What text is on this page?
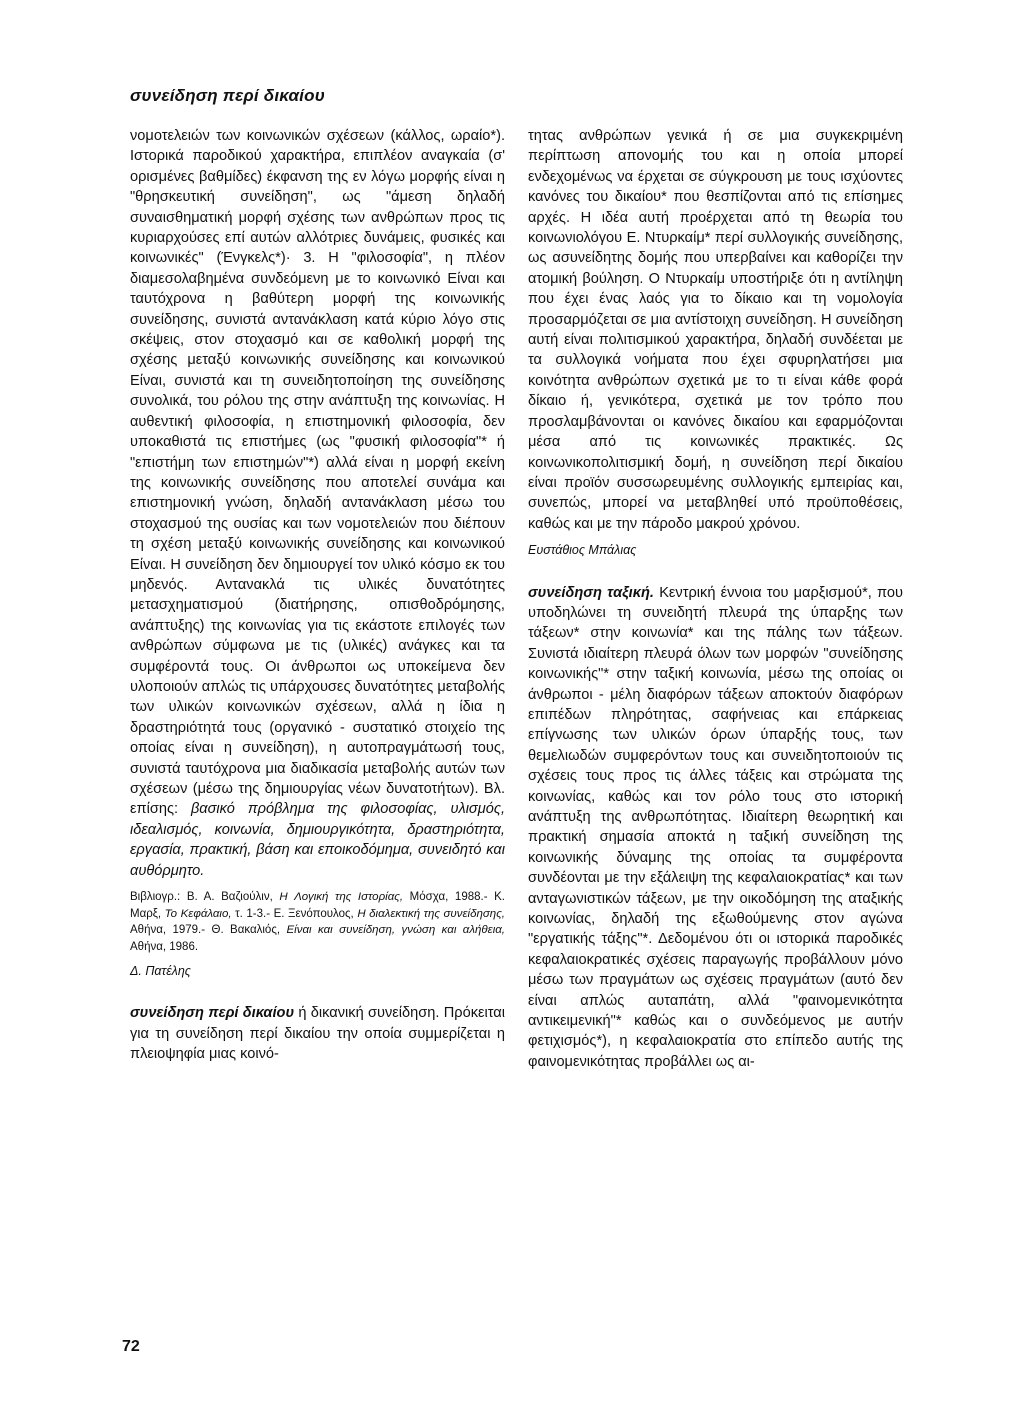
συνείδηση περί δικαίου

νομοτελειών των κοινωνικών σχέσεων (κάλλος, ωραίο*). Ιστορικά παροδικού χαρακτήρα, επιπλέον αναγκαία (σ' ορισμένες βαθμίδες) έκφανση της εν λόγω μορφής είναι η "θρησκευτική συνείδηση", ως "άμεση δηλαδή συναισθηματική μορφή σχέσης των ανθρώπων προς τις κυριαρχούσες επί αυτών αλλότριες δυνάμεις, φυσικές και κοινωνικές" (Ένγκελς*)· 3. Η "φιλοσοφία", η πλέον διαμεσολαβημένα συνδεόμενη με το κοινωνικό Είναι και ταυτόχρονα η βαθύτερη μορφή της κοινωνικής συνείδησης, συνιστά αντανάκλαση κατά κύριο λόγο στις σκέψεις, στον στοχασμό και σε καθολική μορφή της σχέσης μεταξύ κοινωνικής συνείδησης και κοινωνικού Είναι, συνιστά και τη συνειδητοποίηση της συνείδησης συνολικά, του ρόλου της στην ανάπτυξη της κοινωνίας. Η αυθεντική φιλοσοφία, η επιστημονική φιλοσοφία, δεν υποκαθιστά τις επιστήμες (ως "φυσική φιλοσοφία"* ή "επιστήμη των επιστημών"*) αλλά είναι η μορφή εκείνη της κοινωνικής συνείδησης που αποτελεί συνάμα και επιστημονική γνώση, δηλαδή αντανάκλαση μέσω του στοχασμού της ουσίας και των νομοτελειών που διέπουν τη σχέση μεταξύ κοινωνικής συνείδησης και κοινωνικού Είναι. Η συνείδηση δεν δημιουργεί τον υλικό κόσμο εκ του μηδενός. Αντανακλά τις υλικές δυνατότητες μετασχηματισμού (διατήρησης, οπισθοδρόμησης, ανάπτυξης) της κοινωνίας για τις εκάστοτε επιλογές των ανθρώπων σύμφωνα με τις (υλικές) ανάγκες και τα συμφέροντά τους. Οι άνθρωποι ως υποκείμενα δεν υλοποιούν απλώς τις υπάρχουσες δυνατότητες μεταβολής των υλικών κοινωνικών σχέσεων, αλλά η ίδια η δραστηριότητά τους (οργανικό - συστατικό στοιχείο της οποίας είναι η συνείδηση), η αυτοπραγμάτωσή τους, συνιστά ταυτόχρονα μια διαδικασία μεταβολής αυτών των σχέσεων (μέσω της δημιουργίας νέων δυνατοτήτων). Βλ. επίσης: βασικό πρόβλημα της φιλοσοφίας, υλισμός, ιδεαλισμός, κοινωνία, δημιουργικότητα, δραστηριότητα, εργασία, πρακτική, βάση και εποικοδόμημα, συνειδητό και αυθόρμητο.

Βιβλιογρ.: Β. Α. Βαζιούλιν, Η Λογική της Ιστορίας, Μόσχα, 1988.- Κ. Μαρξ, Το Κεφάλαιο, τ. 1-3.- Ε. Ξενόπουλος, Η διαλεκτική της συνείδησης, Αθήνα, 1979.- Θ. Βακαλιός, Είναι και συνείδηση, γνώση και αλήθεια, Αθήνα, 1986.

Δ. Πατέλης

συνείδηση περί δικαίου ή δικανική συνείδηση. Πρόκειται για τη συνείδηση περί δικαίου την οποία συμμερίζεται η πλειοψηφία μιας κοινό-

τητας ανθρώπων γενικά ή σε μια συγκεκριμένη περίπτωση απονομής του και η οποία μπορεί ενδεχομένως να έρχεται σε σύγκρουση με τους ισχύοντες κανόνες του δικαίου* που θεσπίζονται από τις επίσημες αρχές. Η ιδέα αυτή προέρχεται από τη θεωρία του κοινωνιολόγου Ε. Ντυρκαίμ* περί συλλογικής συνείδησης, ως ασυνείδητης δομής που υπερβαίνει και καθορίζει την ατομική βούληση. Ο Ντυρκαίμ υποστήριξε ότι η αντίληψη που έχει ένας λαός για το δίκαιο και τη νομολογία προσαρμόζεται σε μια αντίστοιχη συνείδηση. Η συνείδηση αυτή είναι πολιτισμικού χαρακτήρα, δηλαδή συνδέεται με τα συλλογικά νοήματα που έχει σφυρηλατήσει μια κοινότητα ανθρώπων σχετικά με το τι είναι κάθε φορά δίκαιο ή, γενικότερα, σχετικά με τον τρόπο που προσλαμβάνονται οι κανόνες δικαίου και εφαρμόζονται μέσα από τις κοινωνικές πρακτικές. Ως κοινωνικοπολιτισμική δομή, η συνείδηση περί δικαίου είναι προϊόν συσσωρευμένης συλλογικής εμπειρίας και, συνεπώς, μπορεί να μεταβληθεί υπό προϋποθέσεις, καθώς και με την πάροδο μακρού χρόνου.

Ευστάθιος Μπάλιας

συνείδηση ταξική. Κεντρική έννοια του μαρξισμού*, που υποδηλώνει τη συνειδητή πλευρά της ύπαρξης των τάξεων* στην κοινωνία* και της πάλης των τάξεων. Συνιστά ιδιαίτερη πλευρά όλων των μορφών "συνείδησης κοινωνικής"* στην ταξική κοινωνία, μέσω της οποίας οι άνθρωποι - μέλη διαφόρων τάξεων αποκτούν διαφόρων επιπέδων πληρότητας, σαφήνειας και επάρκειας επίγνωσης των υλικών όρων ύπαρξής τους, των θεμελιωδών συμφερόντων τους και συνειδητοποιούν τις σχέσεις τους προς τις άλλες τάξεις και στρώματα της κοινωνίας, καθώς και τον ρόλο τους στο ιστορική ανάπτυξη της ανθρωπότητας. Ιδιαίτερη θεωρητική και πρακτική σημασία αποκτά η ταξική συνείδηση της κοινωνικής δύναμης της οποίας τα συμφέροντα συνδέονται με την εξάλειψη της κεφαλαιοκρατίας* και των ανταγωνιστικών τάξεων, με την οικοδόμηση της αταξικής κοινωνίας, δηλαδή της εξωθούμενης στον αγώνα "εργατικής τάξης"*. Δεδομένου ότι οι ιστορικά παροδικές κεφαλαιοκρατικές σχέσεις παραγωγής προβάλλουν μόνο μέσω των πραγμάτων ως σχέσεις πραγμάτων (αυτό δεν είναι απλώς αυταπάτη, αλλά "φαινομενικότητα αντικειμενική"* καθώς και ο συνδεόμενος με αυτήν φετιχισμός*), η κεφαλαιοκρατία στο επίπεδο αυτής της φαινομενικότητας προβάλλει ως αι-

72
